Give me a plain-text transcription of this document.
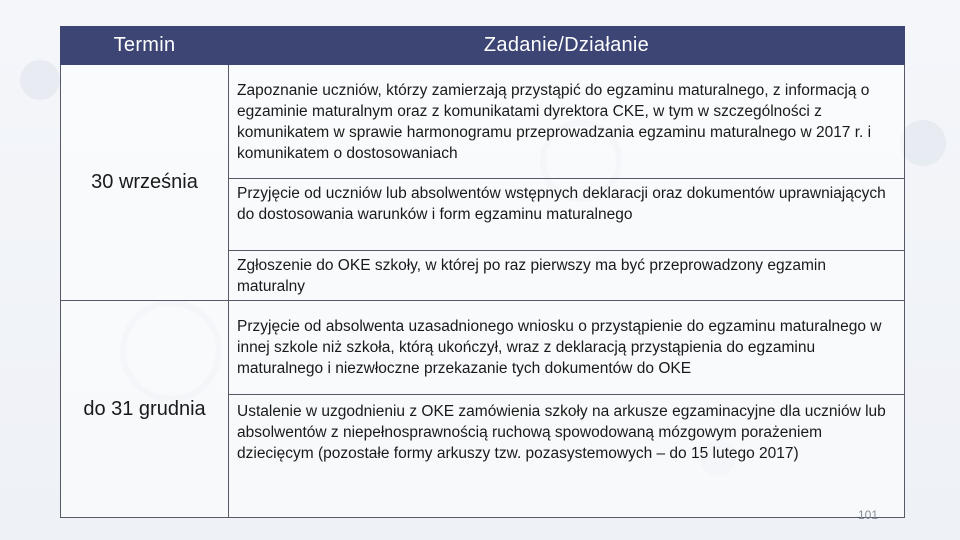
Termin	Zadanie/Działanie
30 września	Zapoznanie uczniów, którzy zamierzają przystąpić do egzaminu maturalnego, z informacją o egzaminie maturalnym oraz z komunikatami dyrektora CKE, w tym w szczególności z komunikatem w sprawie harmonogramu przeprowadzania egzaminu maturalnego w 2017 r. i komunikatem o dostosowaniach

	Przyjęcie od uczniów lub absolwentów wstępnych deklaracji oraz dokumentów uprawniających do dostosowania warunków i form egzaminu maturalnego

	Zgłoszenie do OKE szkoły, w której po raz pierwszy ma być przeprowadzony egzamin maturalny

do 31 grudnia	Przyjęcie od absolwenta uzasadnionego wniosku o przystąpienie do egzaminu maturalnego w innej szkole niż szkoła, którą ukończył, wraz z deklaracją przystąpienia do egzaminu maturalnego i niezwłoczne przekazanie tych dokumentów do OKE

	Ustalenie w uzgodnieniu z OKE zamówienia szkoły na arkusze egzaminacyjne dla uczniów lub absolwentów z niepełnosprawnością ruchową spowodowaną mózgowym porażeniem dziecięcym (pozostałe formy arkuszy tzw. pozasystemowych – do 15 lutego 2017)
101
